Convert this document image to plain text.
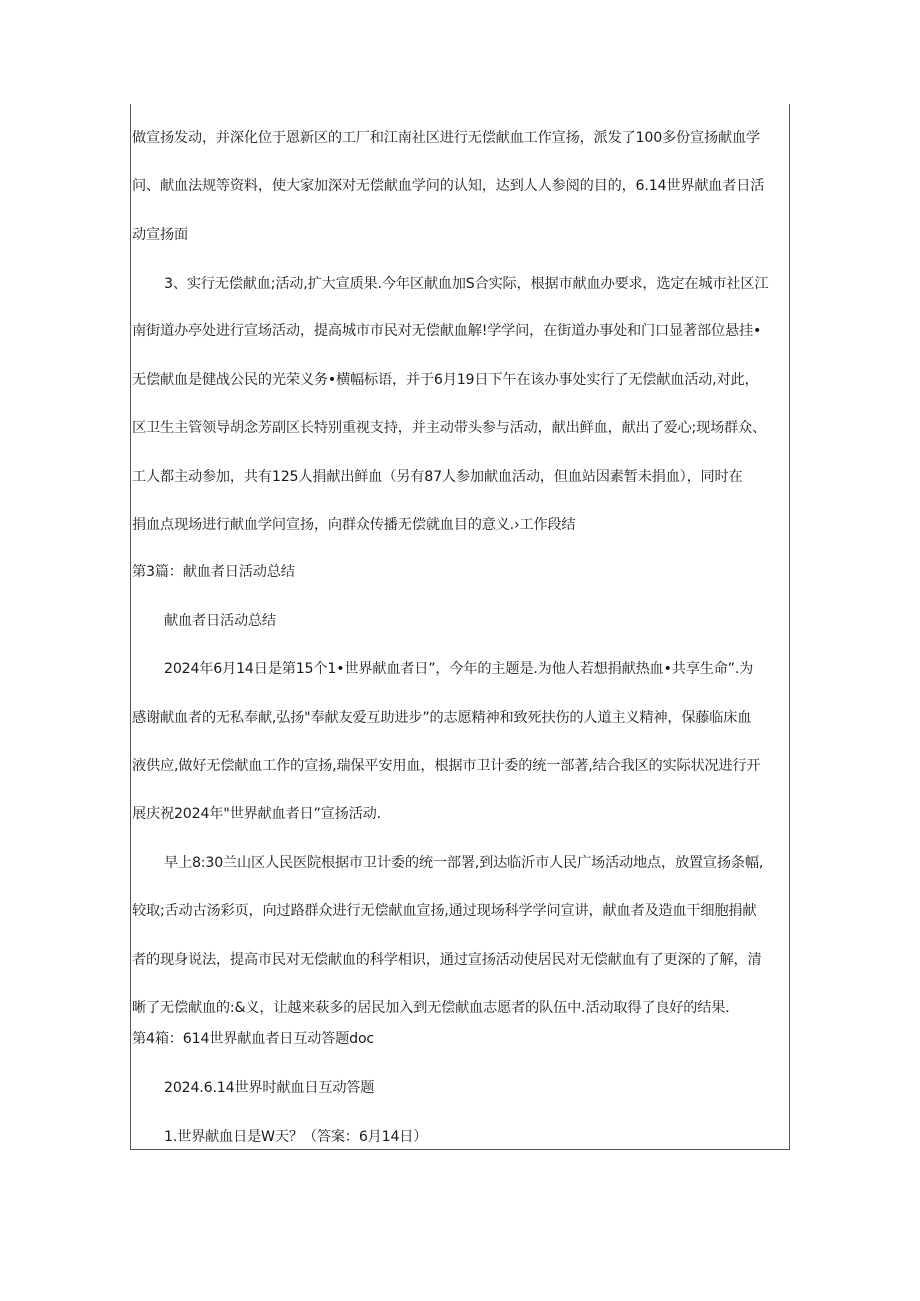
做宣扬发动，并深化位于恩新区的工厂和江南社区进行无偿献血工作宣扬，派发了100多份宣扬献血学
问、献血法规等资料，使大家加深对无偿献血学问的认知，达到人人参阅的目的，6.14世界献血者日活
动宣扬面
3、实行无偿献血;活动,扩大宣质果.今年区献血加S合实际，根据市献血办要求，选定在城市社区江
南街道办亭处进行宣场活动，提高城市市民对无偿献血解!学学问，在街道办事处和门口显著部位悬挂•
无偿献血是健战公民的光荣义务•横幅标语，并于6月19日下午在该办事处实行了无偿献血活动,对此，
区卫生主管领导胡念芳副区长特别重视支持，并主动带头参与活动，献出鲜血，献出了爱心;现场群众、
工人都主动参加，共有125人捐献出鲜血（另有87人参加献血活动，但血站因素暂未捐血），同时在
捐血点现场进行献血学问宣扬，向群众传播无偿就血目的意义.›工作段结
第3篇：献血者日活动总结
献血者日活动总结
2024年6月14日是第15个1•世界献血者日”，今年的主题是.为他人若想捐献热血•共享生命”.为
感谢献血者的无私奉献,弘扬"奉献友爱互助进步”的志愿精神和致死扶伤的人道主义精神，保藤临床血
液供应,做好无偿献血工作的宣扬,瑞保平安用血，根据市卫计委的统一部著,结合我区的实际状况进行开
展庆祝2024年"世界献血者日”宣扬活动.
早上8:30兰山区人民医院根据市卫计委的统一部署,到达临沂市人民广场活动地点，放置宣扬条幅,
较取;舌动古汤彩页，向过路群众进行无偿献血宣扬,通过现场科学学问宣讲，献血者及造血干细胞捐献
者的现身说法，提高市民对无偿献血的科学相识，通过宣扬活动使居民对无偿献血有了更深的了解，清
晰了无偿献血的:&义，让越来萩多的居民加入到无偿献血志愿者的队伍中.活动取得了良好的结果.
第4箱：614世界献血者日互动答题doc
2024.6.14世界时献血日互动答题
1.世界献血日是W天？（答案：6月14日）
